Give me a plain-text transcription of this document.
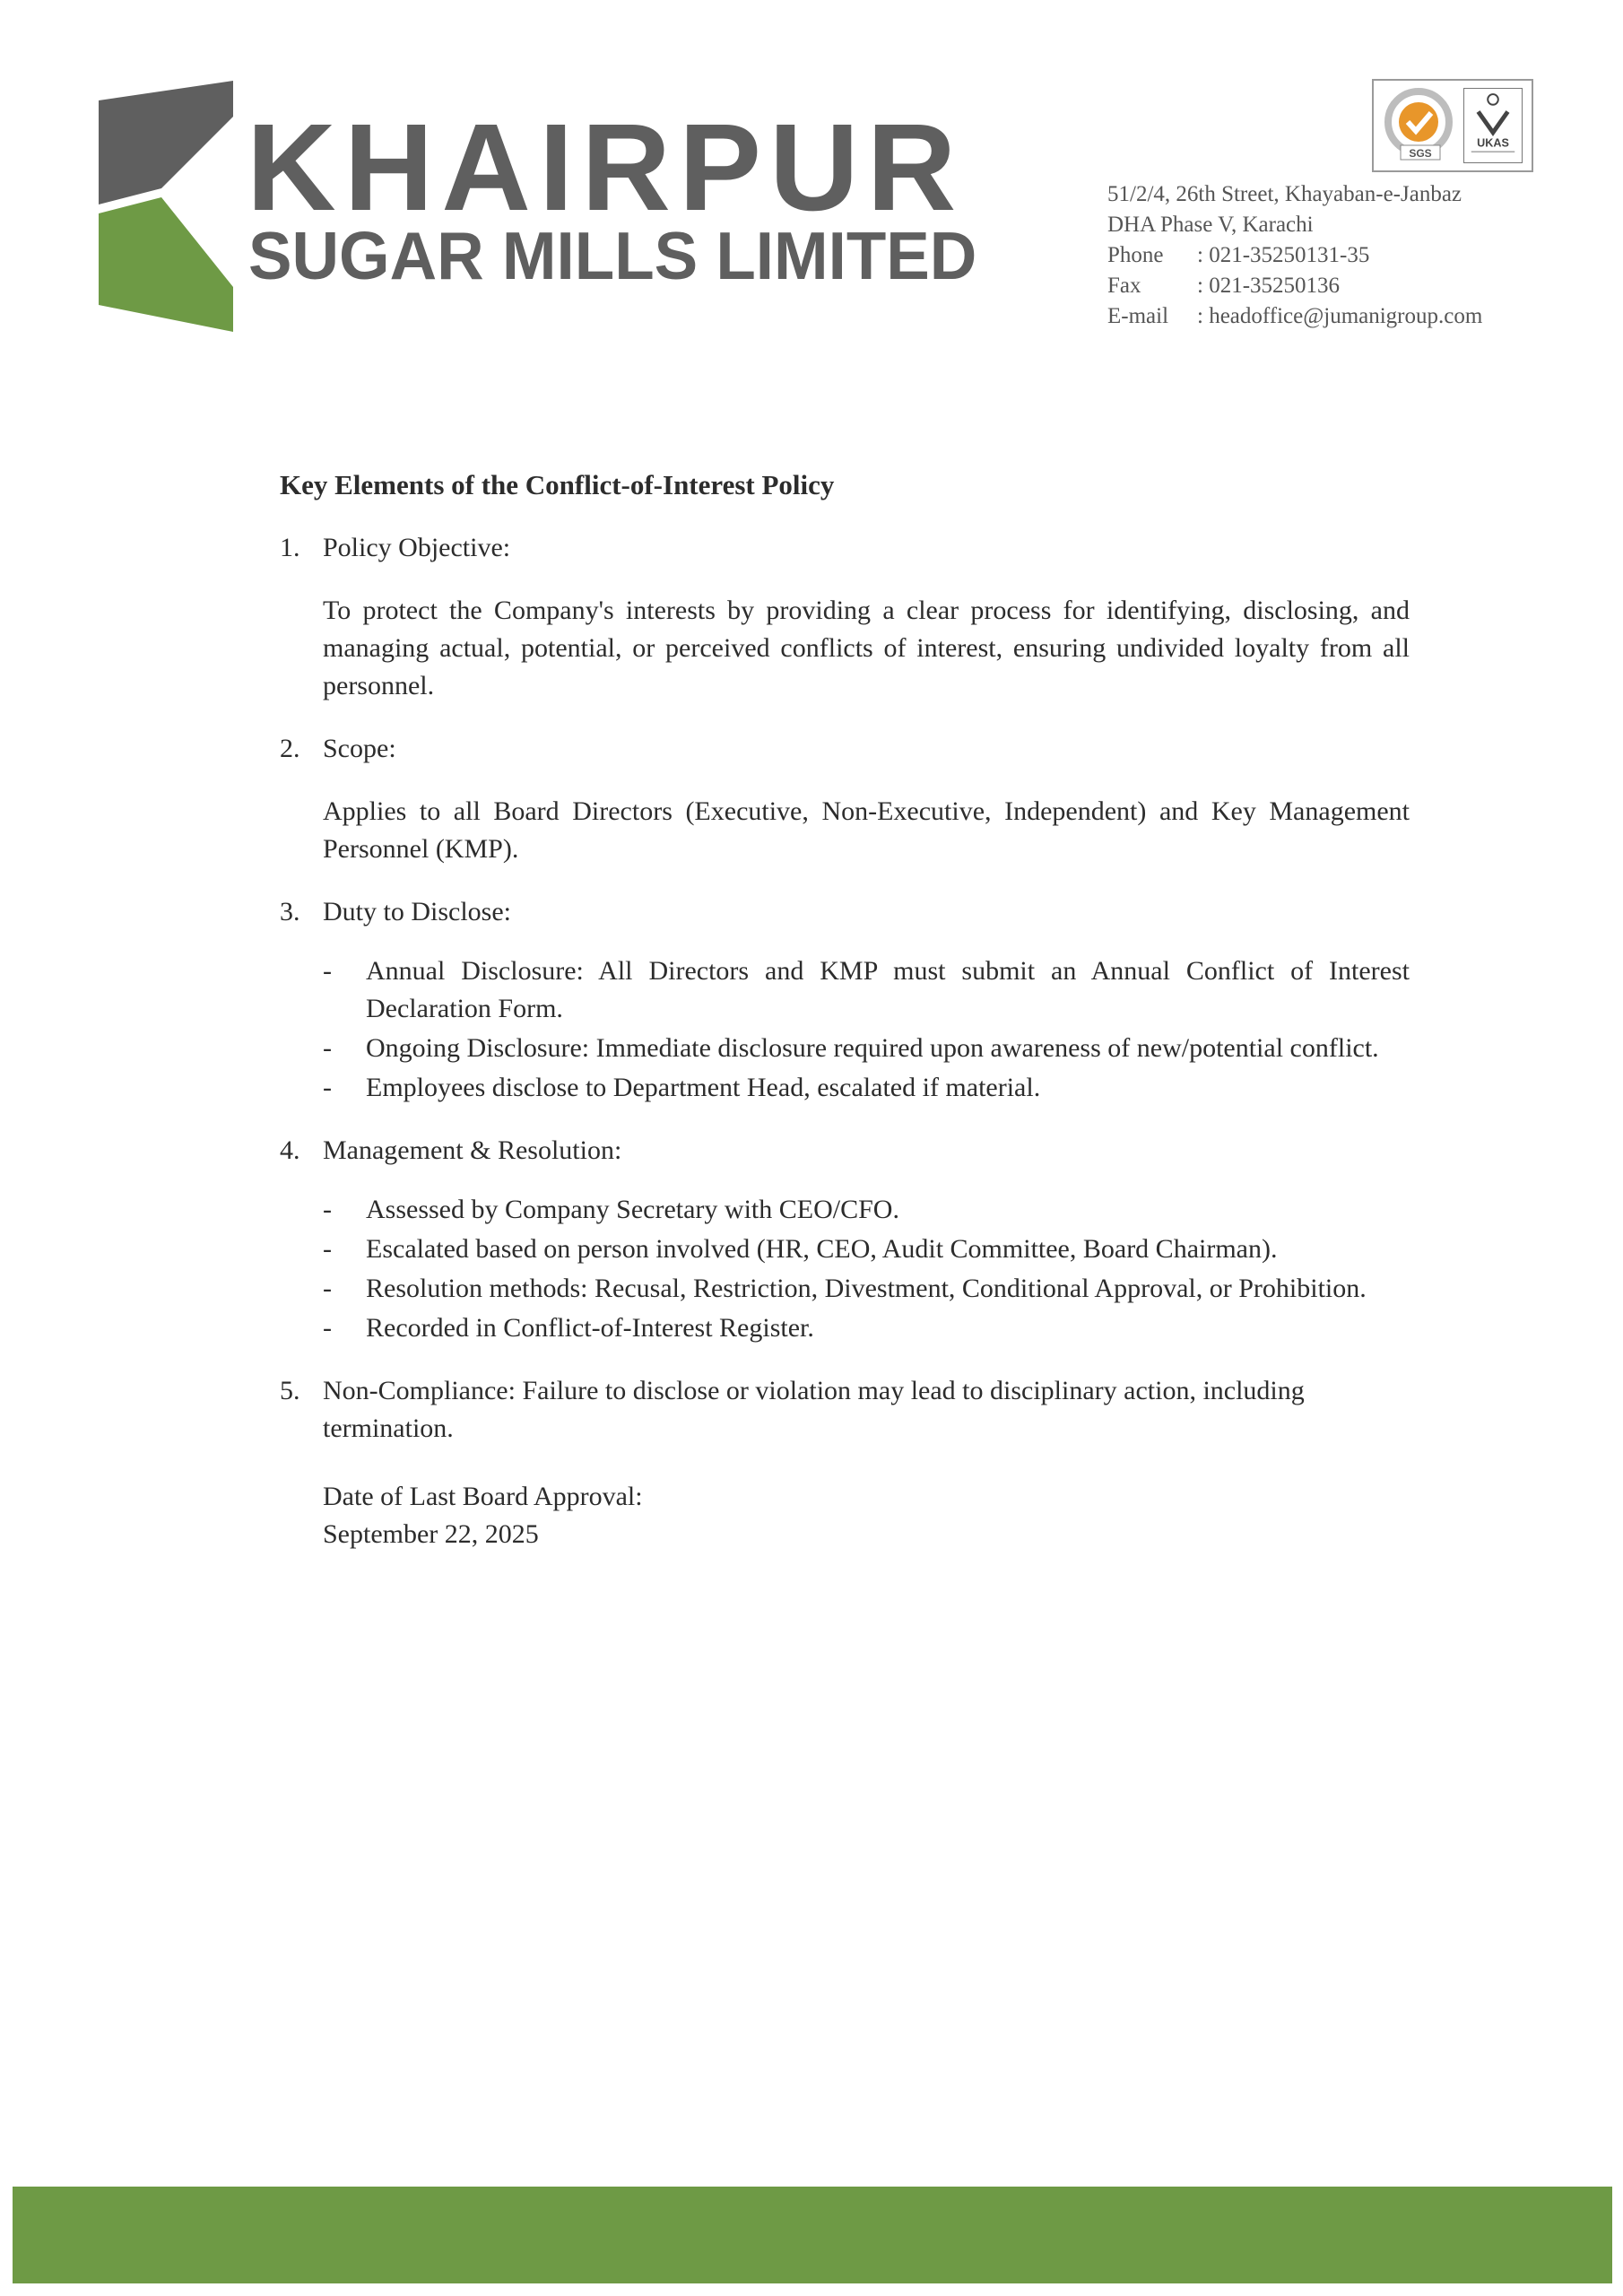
KHAIRPUR
SUGAR MILLS LIMITED
SGS
UKAS
51/2/4, 26th Street, Khayaban-e-Janbaz
DHA Phase V, Karachi
Phone	: 021-35250131-35
Fax	: 021-35250136
E-mail	: headoffice@jumanigroup.com
Key Elements of the Conflict-of-Interest Policy
1. Policy Objective:
To protect the Company's interests by providing a clear process for identifying, disclosing, and managing actual, potential, or perceived conflicts of interest, ensuring undivided loyalty from all personnel.
2. Scope:
Applies to all Board Directors (Executive, Non-Executive, Independent) and Key Management Personnel (KMP).
3. Duty to Disclose:
-	Annual Disclosure: All Directors and KMP must submit an Annual Conflict of Interest Declaration Form.
-	Ongoing Disclosure: Immediate disclosure required upon awareness of new/potential conflict.
-	Employees disclose to Department Head, escalated if material.
4. Management & Resolution:
-	Assessed by Company Secretary with CEO/CFO.
-	Escalated based on person involved (HR, CEO, Audit Committee, Board Chairman).
-	Resolution methods: Recusal, Restriction, Divestment, Conditional Approval, or Prohibition.
-	Recorded in Conflict-of-Interest Register.
5. Non-Compliance: Failure to disclose or violation may lead to disciplinary action, including termination.
Date of Last Board Approval:
September 22, 2025
